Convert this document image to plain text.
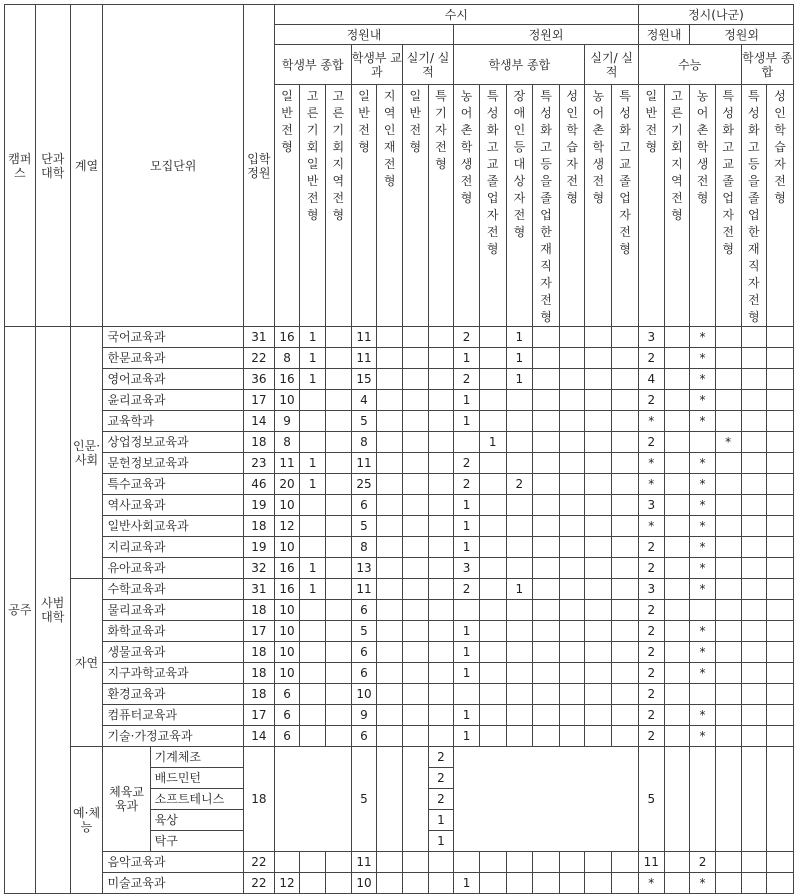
캠퍼스	단과대학	계열	모집단위		입학정원	수시														정시(나군)					
						정원내							정원외							정원내		정원외			
						학생부 종합			학생부 교과		실기/ 실적		학생부 종합					실기/ 실적		수능				학생부 종합	

						일반전형	고른기회일반전형	고른기회지역전형	일반전형	지역인재전형	일반전형	특기자전형	농어촌학생전형	특성화고교졸업자전형	장애인등대상자전형	특성화고등을졸업한재직자전형	성인학습자전형	농어촌학생전형	특성화고교졸업자전형	일반전형	고른기회지역전형	농어촌학생전형	특성화고교졸업자전형	특성화고등을졸업한재직자전형	성인학습자전형

공주	사범대학	인문·사회	국어교육과		31	16	1		11				2		1					3		*			
			한문교육과		22	8	1		11				1		1					2		*			
			영어교육과		36	16	1		15				2		1					4		*			
			윤리교육과		17	10			4				1							2		*			
			교육학과		14	9			5				1							*		*			
			상업정보교육과		18	8			8					1						2			*		
			문헌정보교육과		23	11	1		11				2							*		*			
			특수교육과		46	20	1		25				2		2					*		*			
			역사교육과		19	10			6				1							3		*			
			일반사회교육과		18	12			5				1							*		*			
			지리교육과		19	10			8				1							2		*			
			유아교육과		32	16	1		13				3							2		*			
		자연	수학교육과		31	16	1		11				2		1					3		*			
			물리교육과		18	10			6											2					
			화학교육과		17	10			5				1							2		*			
			생물교육과		18	10			6				1							2		*			
			지구과학교육과		18	10			6				1							2		*			
			환경교육과		18	6			10											2					
			컴퓨터교육과		17	6			9				1							2		*			
			기술·가정교육과		14	6			6				1							2		*			
		예·체능	체육교육과	기계체조	18				5			2								5					
				배드민턴								2													
				소프트테니스								2													
				육상								1													
				탁구								1													
			음악교육과		22				11											11		2			
			미술교육과		22	12			10				1							*		*			
